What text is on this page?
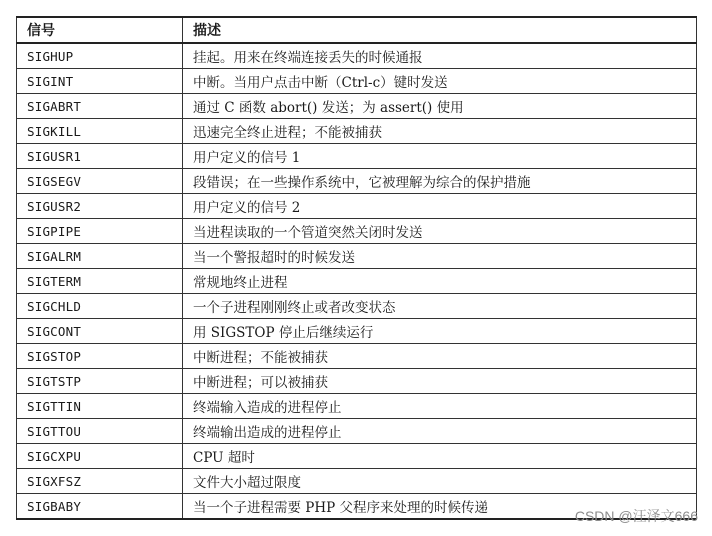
信号	描述
SIGHUP	挂起。用来在终端连接丢失的时候通报
SIGINT	中断。当用户点击中断（Ctrl-c）键时发送
SIGABRT	通过 C 函数 abort() 发送；为 assert() 使用
SIGKILL	迅速完全终止进程；不能被捕获
SIGUSR1	用户定义的信号 1
SIGSEGV	段错误；在一些操作系统中，它被理解为综合的保护措施
SIGUSR2	用户定义的信号 2
SIGPIPE	当进程读取的一个管道突然关闭时发送
SIGALRM	当一个警报超时的时候发送
SIGTERM	常规地终止进程
SIGCHLD	一个子进程刚刚终止或者改变状态
SIGCONT	用 SIGSTOP 停止后继续运行
SIGSTOP	中断进程；不能被捕获
SIGTSTP	中断进程；可以被捕获
SIGTTIN	终端输入造成的进程停止
SIGTTOU	终端输出造成的进程停止
SIGCXPU	CPU 超时
SIGXFSZ	文件大小超过限度
SIGBABY	当一个子进程需要 PHP 父程序来处理的时候传递	CSDN @汪泽文666
